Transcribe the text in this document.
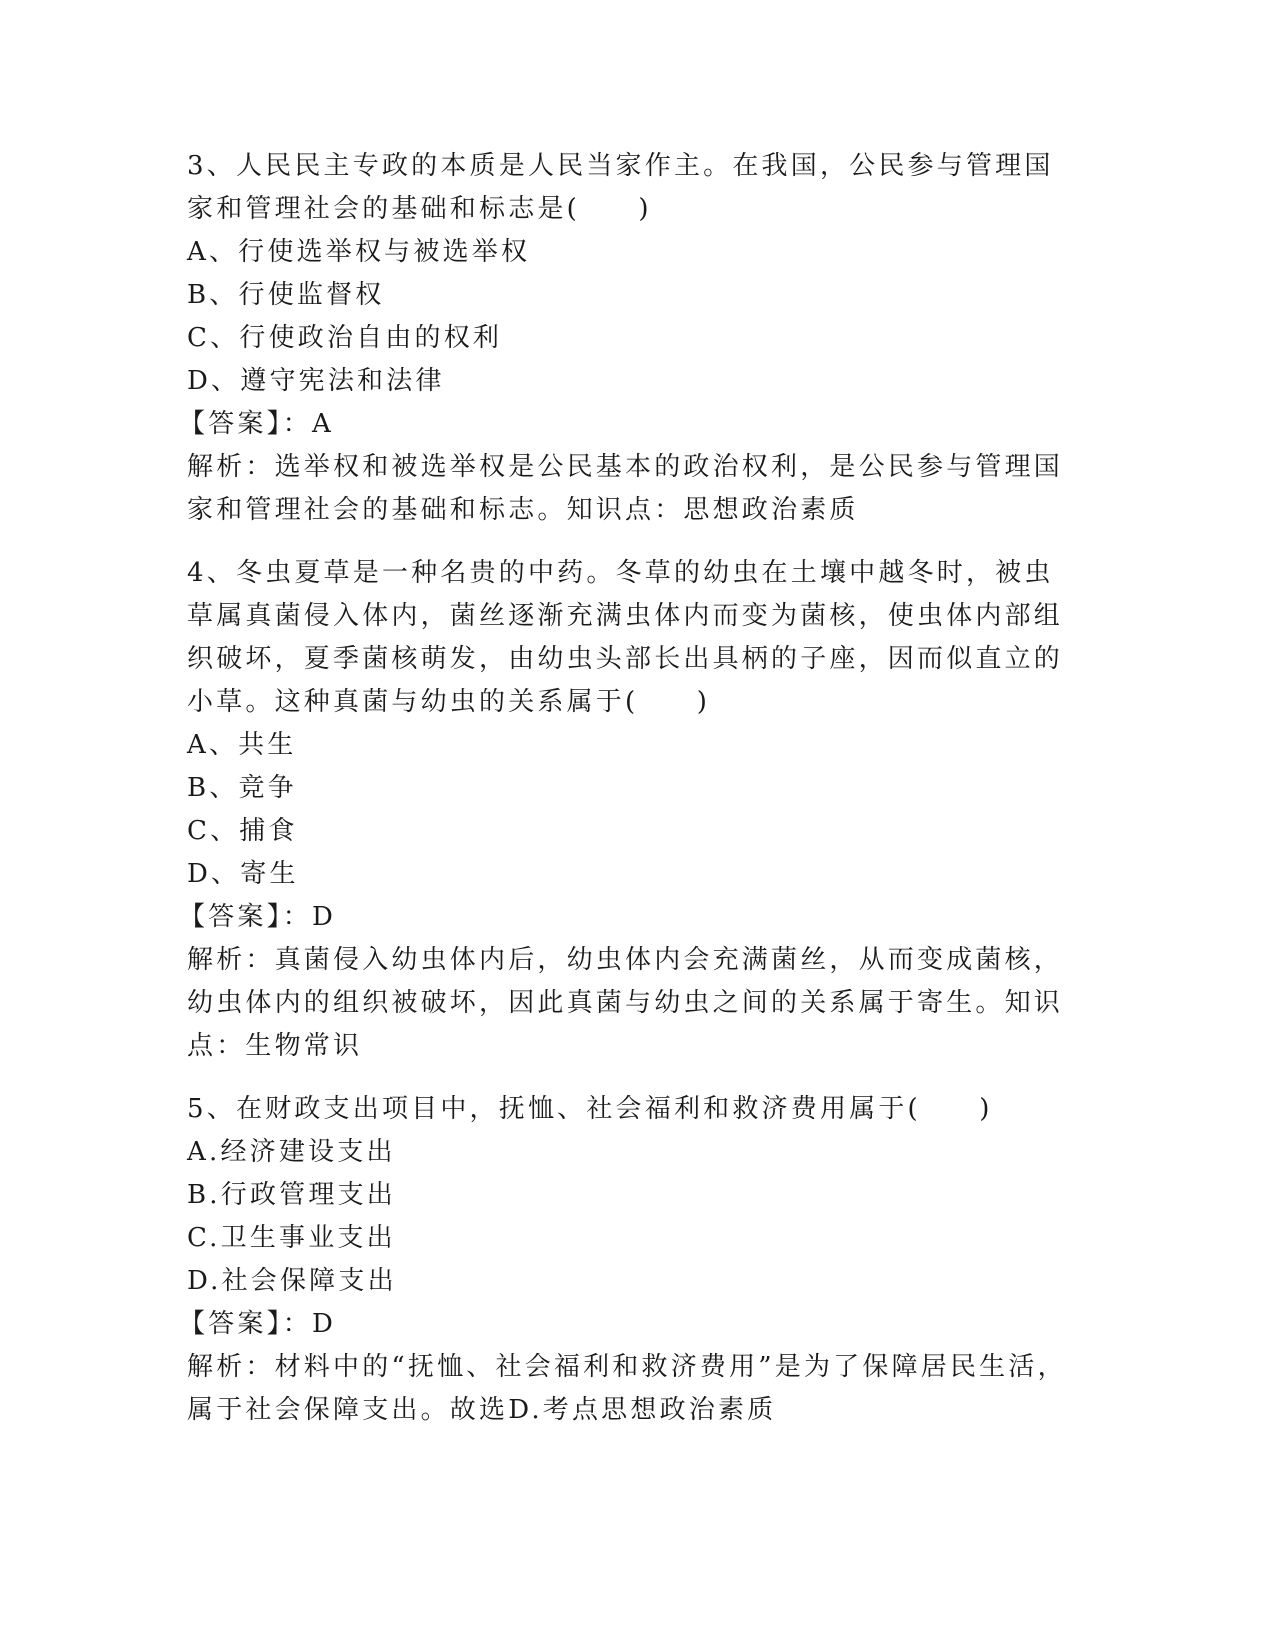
3、人民民主专政的本质是人民当家作主。在我国，公民参与管理国家和管理社会的基础和标志是(　　)
A、行使选举权与被选举权
B、行使监督权
C、行使政治自由的权利
D、遵守宪法和法律
【答案】：A
解析：选举权和被选举权是公民基本的政治权利，是公民参与管理国家和管理社会的基础和标志。知识点：思想政治素质
4、冬虫夏草是一种名贵的中药。冬草的幼虫在土壤中越冬时，被虫草属真菌侵入体内，菌丝逐渐充满虫体内而变为菌核，使虫体内部组织破坏，夏季菌核萌发，由幼虫头部长出具柄的子座，因而似直立的小草。这种真菌与幼虫的关系属于(　　)
A、共生
B、竞争
C、捕食
D、寄生
【答案】：D
解析：真菌侵入幼虫体内后，幼虫体内会充满菌丝，从而变成菌核，幼虫体内的组织被破坏，因此真菌与幼虫之间的关系属于寄生。知识点：生物常识
5、在财政支出项目中，抚恤、社会福利和救济费用属于(　　)
A.经济建设支出
B.行政管理支出
C.卫生事业支出
D.社会保障支出
【答案】：D
解析：材料中的“抚恤、社会福利和救济费用”是为了保障居民生活，属于社会保障支出。故选D.考点思想政治素质
